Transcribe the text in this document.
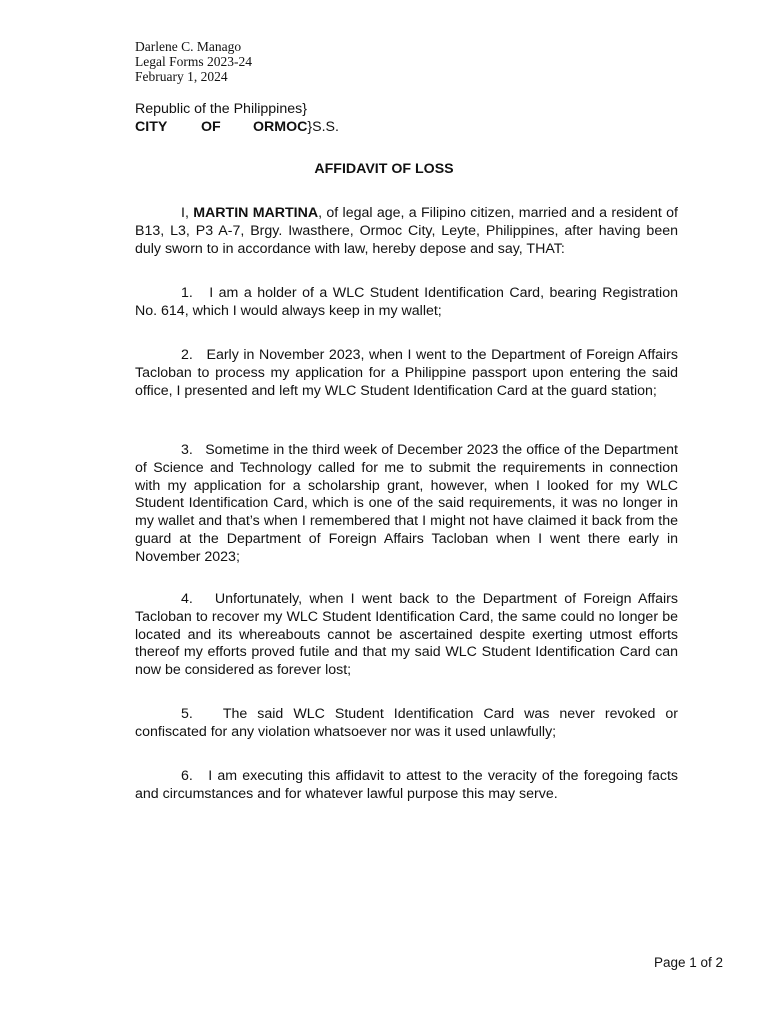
Darlene C. Manago
Legal Forms 2023-24
February 1, 2024
Republic of the Philippines}
CITY	OF	ORMOC }S.S.
AFFIDAVIT OF LOSS

I, MARTIN MARTINA, of legal age, a Filipino citizen, married and a resident of B13, L3, P3 A-7, Brgy. Iwasthere, Ormoc City, Leyte, Philippines, after having been duly sworn to in accordance with law, hereby depose and say, THAT:

1.   I am a holder of a WLC Student Identification Card, bearing Registration No. 614, which I would always keep in my wallet;

2.   Early in November 2023, when I went to the Department of Foreign Affairs Tacloban to process my application for a Philippine passport upon entering the said office, I presented and left my WLC Student Identification Card at the guard station;

3.   Sometime in the third week of December 2023 the office of the Department of Science and Technology called for me to submit the requirements in connection with my application for a scholarship grant, however, when I looked for my WLC Student Identification Card, which is one of the said requirements, it was no longer in my wallet and that’s when I remembered that I might not have claimed it back from the guard at the Department of Foreign Affairs Tacloban when I went there early in November 2023;

4.   Unfortunately, when I went back to the Department of Foreign Affairs Tacloban to recover my WLC Student Identification Card, the same could no longer be located and its whereabouts cannot be ascertained despite exerting utmost efforts thereof my efforts proved futile and that my said WLC Student Identification Card can now be considered as forever lost;

5.   The said WLC Student Identification Card was never revoked or confiscated for any violation whatsoever nor was it used unlawfully;

6.   I am executing this affidavit to attest to the veracity of the foregoing facts and circumstances and for whatever lawful purpose this may serve.

Page 1 of 2
